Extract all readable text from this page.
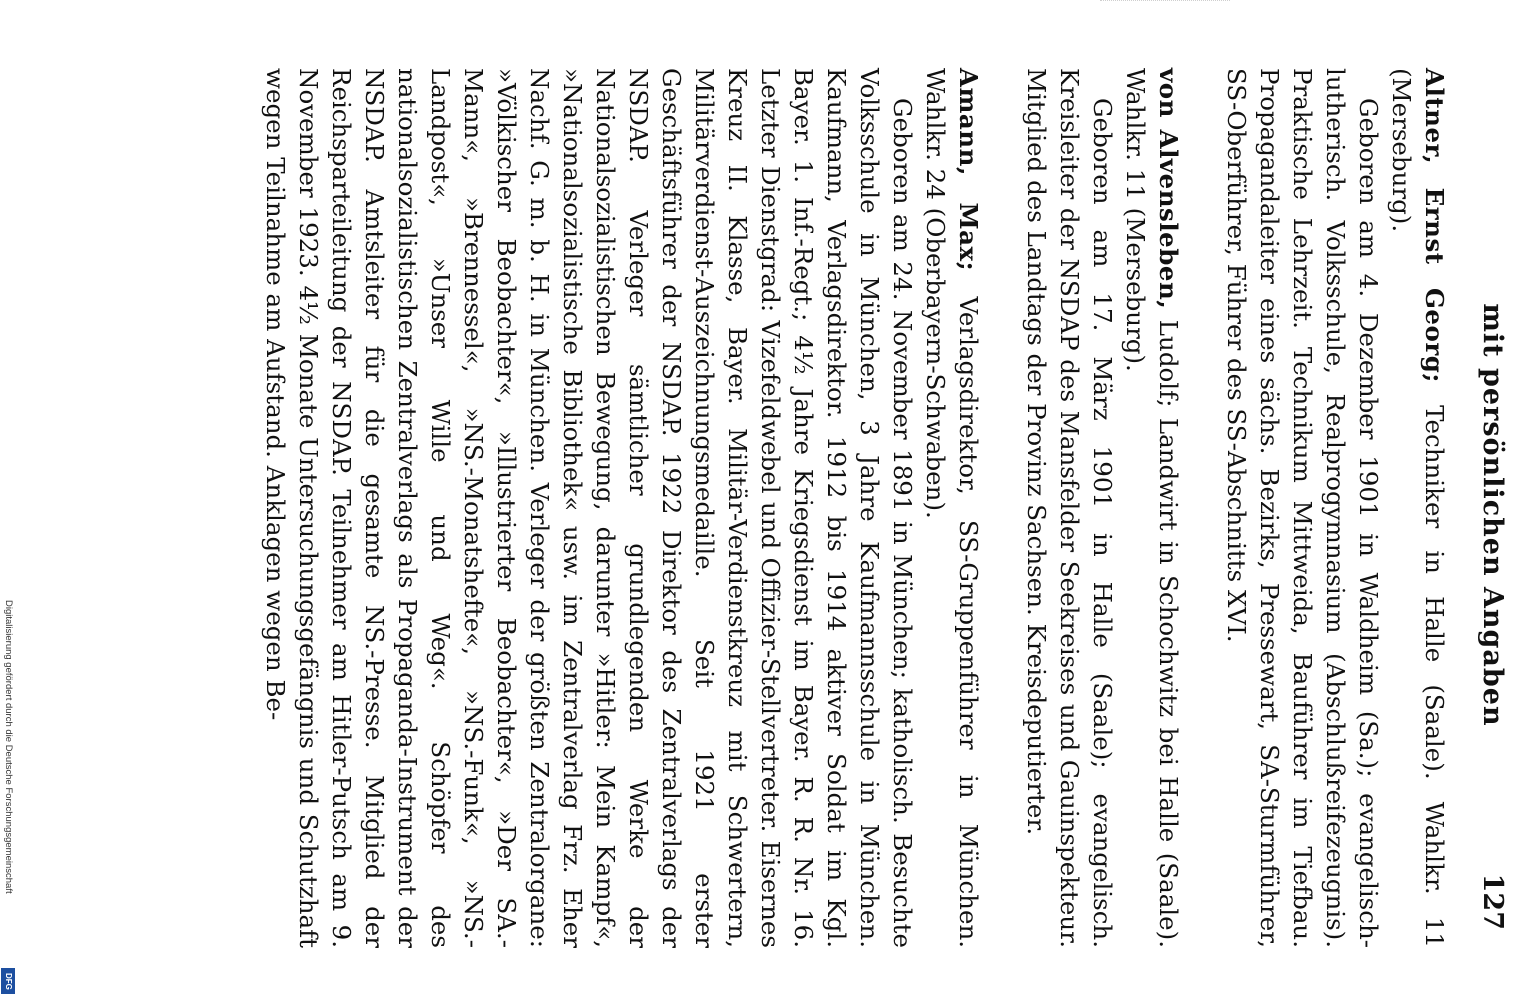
mit persönlichen Angaben
127

Altner, Ernst Georg; Techniker in Halle (Saale). Wahlkr. 11 (Merseburg).

Geboren am 4. Dezember 1901 in Waldheim (Sa.); evangelisch-lutherisch. Volksschule, Realprogymnasium (Abschlußreifezeugnis). Praktische Lehrzeit. Technikum Mittweida, Bauführer im Tiefbau. Propagandaleiter eines sächs. Bezirks, Pressewart, SA-Sturmführer, SS-Oberführer, Führer des SS-Abschnitts XVI.

von Alvensleben, Ludolf; Landwirt in Schochwitz bei Halle (Saale). Wahlkr. 11 (Merseburg).

Geboren am 17. März 1901 in Halle (Saale); evangelisch. Kreisleiter der NSDAP des Mansfelder Seekreises und Gauinspekteur. Mitglied des Landtags der Provinz Sachsen. Kreisdeputierter.

Amann, Max; Verlagsdirektor, SS-Gruppenführer in München. Wahlkr. 24 (Oberbayern-Schwaben).

Geboren am 24. November 1891 in München; katholisch. Besuchte Volksschule in München, 3 Jahre Kaufmannsschule in München. Kaufmann, Verlagsdirektor. 1912 bis 1914 aktiver Soldat im Kgl. Bayer. 1. Inf.-Regt.; 4½ Jahre Kriegsdienst im Bayer. R. R. Nr. 16. Letzter Dienstgrad: Vizefeldwebel und Offizier-Stellvertreter. Eisernes Kreuz II. Klasse, Bayer. Militär-Verdienstkreuz mit Schwertern, Militärverdienst-Auszeichnungsmedaille. Seit 1921 erster Geschäftsführer der NSDAP. 1922 Direktor des Zentralverlags der NSDAP. Verleger sämtlicher grundlegenden Werke der Nationalsozialistischen Bewegung, darunter »Hitler: Mein Kampf«, »Nationalsozialistische Bibliothek« usw. im Zentralverlag Frz. Eher Nachf. G. m. b. H. in München. Verleger der größten Zentralorgane: »Völkischer Beobachter«, »Illustrierter Beobachter«, »Der SA.-Mann«, »Brennessel«, »NS.-Monatshefte«, »NS.-Funk«, »NS.-Landpost«, »Unser Wille und Weg«. Schöpfer des nationalsozialistischen Zentralverlags als Propaganda-Instrument der NSDAP. Amtsleiter für die gesamte NS.-Presse. Mitglied der Reichsparteileitung der NSDAP. Teilnehmer am Hitler-Putsch am 9. November 1923. 4½ Monate Untersuchungsgefängnis und Schutzhaft wegen Teilnahme am Aufstand. Anklagen wegen Be-

Digitalisierung gefördert durch die Deutsche Forschungsgemeinschaft
DFG
